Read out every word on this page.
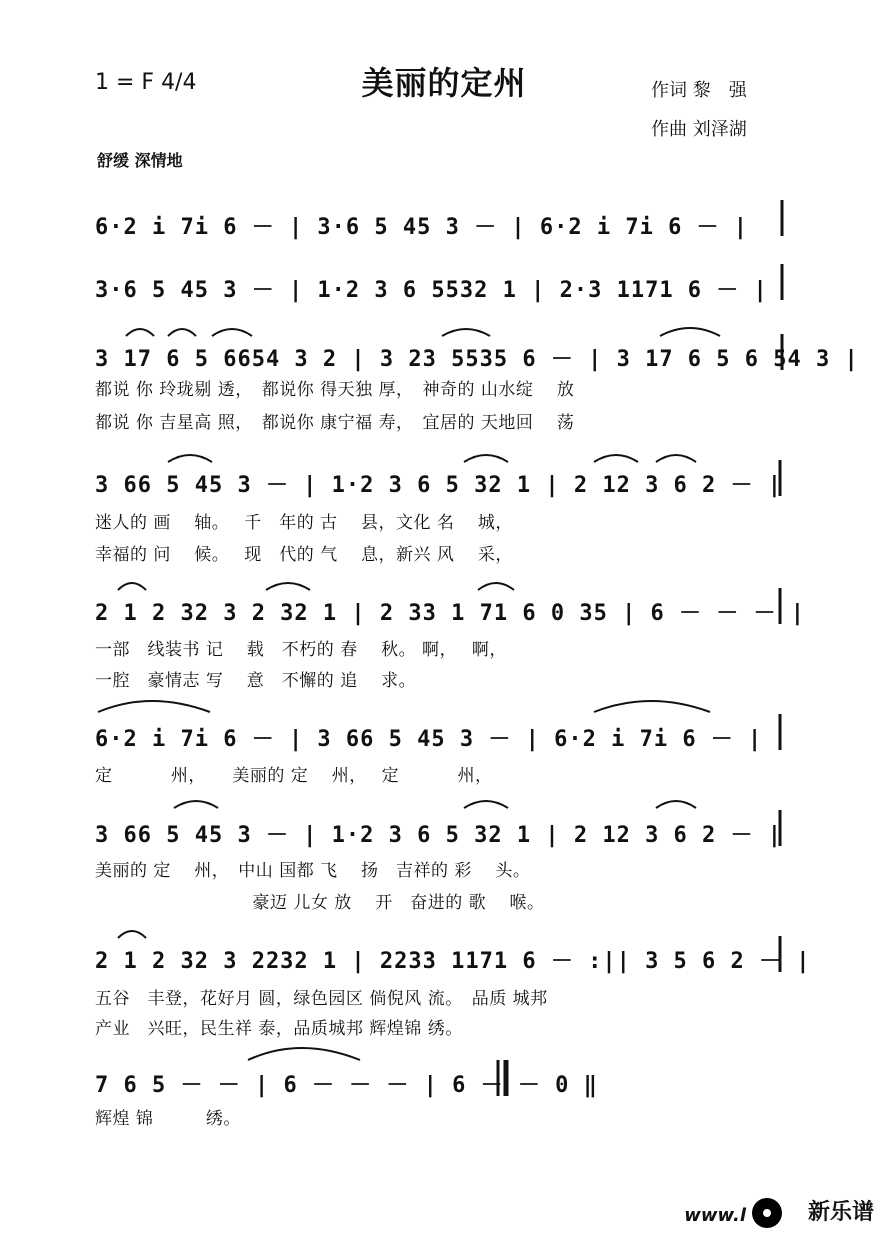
1 = F 4/4	美丽的定州	作词 黎　强
作曲 刘泽湖
舒缓 深情地
6·2 i 7i 6 － | 3·6 5 45 3 － | 6·2 i 7i 6 － |
3·6 5 45 3 － | 1·2 3 6 5532 1 | 2·3 1171 6 － |
3 17 6 5 6654 3 2 | 3 23 5535 6 － | 3 17 6 5 6 54 3 |
都说 你 玲珑剔 透，　都说你 得天独 厚，　神奇的 山水绽　 放
都说 你 吉星高 照，　都说你 康宁福 寿，　宜居的 天地回　 荡
3 66 5 45 3 － | 1·2 3 6 5 32 1 | 2 12 3 6 2 － |
迷人的 画　 轴。　 千　年的 古　 县，文化 名　 城，
幸福的 问　 候。　 现　代的 气　 息，新兴 风　 采，
2 1 2 32 3 2 32 1 | 2 33 1 71 6 0 35 | 6 － － － |
一部　线装书 记　 载　不朽的 春　 秋。 啊，　 啊，
一腔　豪情志 写　 意　不懈的 追　 求。
6·2 i 7i 6 － | 3 66 5 45 3 － | 6·2 i 7i 6 － |
定　　　 州，　　美丽的 定　 州，　 定　　　 州，
3 66 5 45 3 － | 1·2 3 6 5 32 1 | 2 12 3 6 2 － |
美丽的 定　 州，　中山 国都 飞　 扬　吉祥的 彩　 头。
　　　　　　　　　豪迈 儿女 放　 开　奋进的 歌　 喉。
2 1 2 32 3 2232 1 | 2233 1171 6 － :|| 3 5 6 2 － |
五谷　丰登，花好月 圆，绿色园区 倘倪风 流。　品质 城邦
产业　兴旺，民生祥 泰，品质城邦 辉煌锦 绣。
7 6 5 － － | 6 － － － | 6 － － 0 ‖
辉煌 锦　　　绣。
www.l	新乐谱
